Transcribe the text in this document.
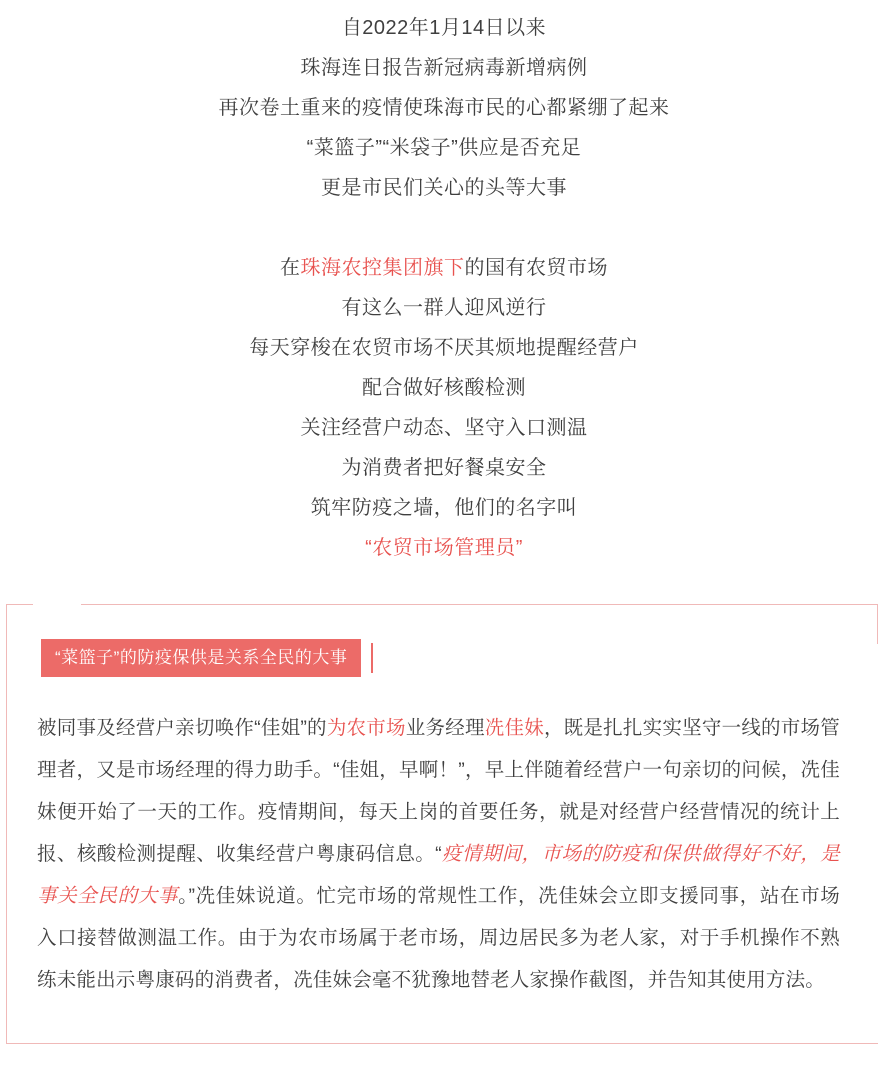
自2022年1月14日以来

珠海连日报告新冠病毒新增病例

再次卷土重来的疫情使珠海市民的心都紧绷了起来

“菜篮子”“米袋子”供应是否充足

更是市民们关心的头等大事

在珠海农控集团旗下的国有农贸市场

有这么一群人迎风逆行

每天穿梭在农贸市场不厌其烦地提醒经营户

配合做好核酸检测

关注经营户动态、坚守入口测温

为消费者把好餐桌安全

筑牢防疫之墙，他们的名字叫

“农贸市场管理员”

“菜篮子”的防疫保供是关系全民的大事

被同事及经营户亲切唤作“佳姐”的为农市场业务经理冼佳妹，既是扎扎实实坚守一线的市场管理者，又是市场经理的得力助手。“佳姐，早啊！”，早上伴随着经营户一句亲切的问候，冼佳妹便开始了一天的工作。疫情期间，每天上岗的首要任务，就是对经营户经营情况的统计上报、核酸检测提醒、收集经营户粤康码信息。“疫情期间，市场的防疫和保供做得好不好，是事关全民的大事。”冼佳妹说道。忙完市场的常规性工作，冼佳妹会立即支援同事，站在市场入口接替做测温工作。由于为农市场属于老市场，周边居民多为老人家，对于手机操作不熟练未能出示粤康码的消费者，冼佳妹会毫不犹豫地替老人家操作截图，并告知其使用方法。
